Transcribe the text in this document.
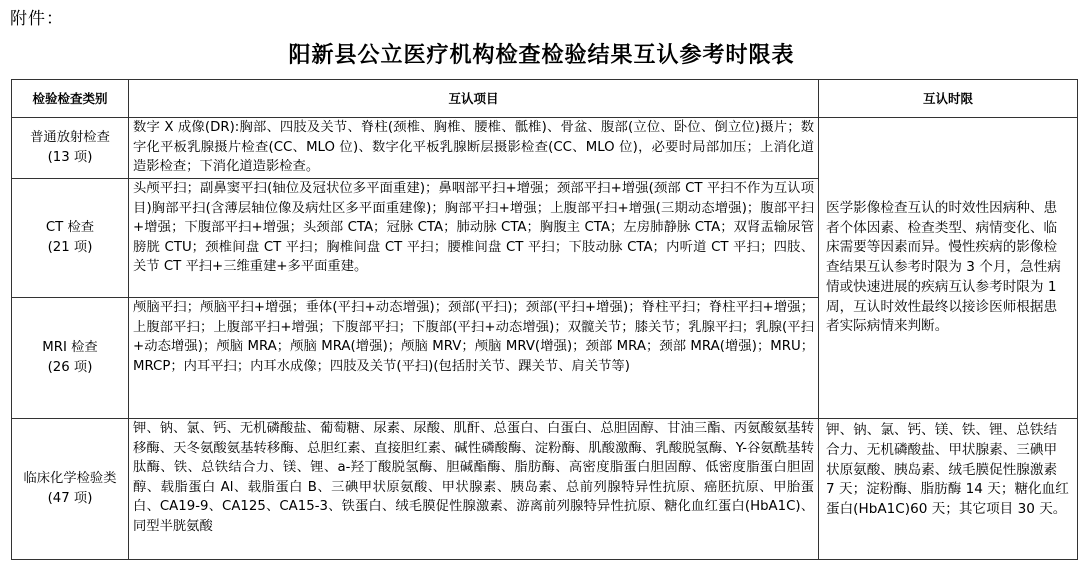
附件：
阳新县公立医疗机构检查检验结果互认参考时限表
检验检查类别	互认项目	互认时限
普通放射检查
(13 项)	数字 X 成像(DR):胸部、四肢及关节、脊柱(颈椎、胸椎、腰椎、骶椎)、骨盆、腹部(立位、卧位、倒立位)摄片；数字化平板乳腺摄片检查(CC、MLO 位)、数字化平板乳腺断层摄影检查(CC、MLO 位)，必要时局部加压；上消化道造影检查；下消化道造影检查。	医学影像检查互认的时效性因病种、患者个体因素、检查类型、病情变化、临床需要等因素而异。慢性疾病的影像检查结果互认参考时限为 3 个月，急性病情或快速进展的疾病互认参考时限为 1 周，互认时效性最终以接诊医师根据患者实际病情来判断。
CT 检查
(21 项)	头颅平扫；副鼻窦平扫(轴位及冠状位多平面重建)；鼻咽部平扫+增强；颈部平扫+增强(颈部 CT 平扫不作为互认项目)胸部平扫(含薄层轴位像及病灶区多平面重建像)；胸部平扫+增强；上腹部平扫+增强(三期动态增强)；腹部平扫+增强；下腹部平扫+增强；头颈部 CTA；冠脉 CTA；肺动脉 CTA；胸腹主 CTA；左房肺静脉 CTA；双肾盂输尿管膀胱 CTU；颈椎间盘 CT 平扫；胸椎间盘 CT 平扫；腰椎间盘 CT 平扫；下肢动脉 CTA；内听道 CT 平扫；四肢、关节 CT 平扫+三维重建+多平面重建。	
MRI 检查
(26 项)	颅脑平扫；颅脑平扫+增强；垂体(平扫+动态增强)；颈部(平扫)；颈部(平扫+增强)；脊柱平扫；脊柱平扫+增强；上腹部平扫；上腹部平扫+增强；下腹部平扫；下腹部(平扫+动态增强)；双髋关节；膝关节；乳腺平扫；乳腺(平扫+动态增强)；颅脑 MRA；颅脑 MRA(增强)；颅脑 MRV；颅脑 MRV(增强)；颈部 MRA；颈部 MRA(增强)；MRU；MRCP；内耳平扫；内耳水成像；四肢及关节(平扫)(包括肘关节、踝关节、肩关节等)	
临床化学检验类
(47 项)	钾、钠、氯、钙、无机磷酸盐、葡萄糖、尿素、尿酸、肌酐、总蛋白、白蛋白、总胆固醇、甘油三酯、丙氨酸氨基转移酶、天冬氨酸氨基转移酶、总胆红素、直接胆红素、碱性磷酸酶、淀粉酶、肌酸激酶、乳酸脱氢酶、Y-谷氨酰基转肽酶、铁、总铁结合力、镁、锂、a-羟丁酸脱氢酶、胆碱酯酶、脂肪酶、高密度脂蛋白胆固醇、低密度脂蛋白胆固醇、载脂蛋白 Al、载脂蛋白 B、三碘甲状原氨酸、甲状腺素、胰岛素、总前列腺特异性抗原、癌胚抗原、甲胎蛋白、CA19-9、CA125、CA15-3、铁蛋白、绒毛膜促性腺激素、游离前列腺特异性抗原、糖化血红蛋白(HbA1C)、同型半胱氨酸	钾、钠、氯、钙、镁、铁、锂、总铁结合力、无机磷酸盐、甲状腺素、三碘甲状原氨酸、胰岛素、绒毛膜促性腺激素 7 天；淀粉酶、脂肪酶 14 天；糖化血红蛋白(HbA1C)60 天；其它项目 30 天。
